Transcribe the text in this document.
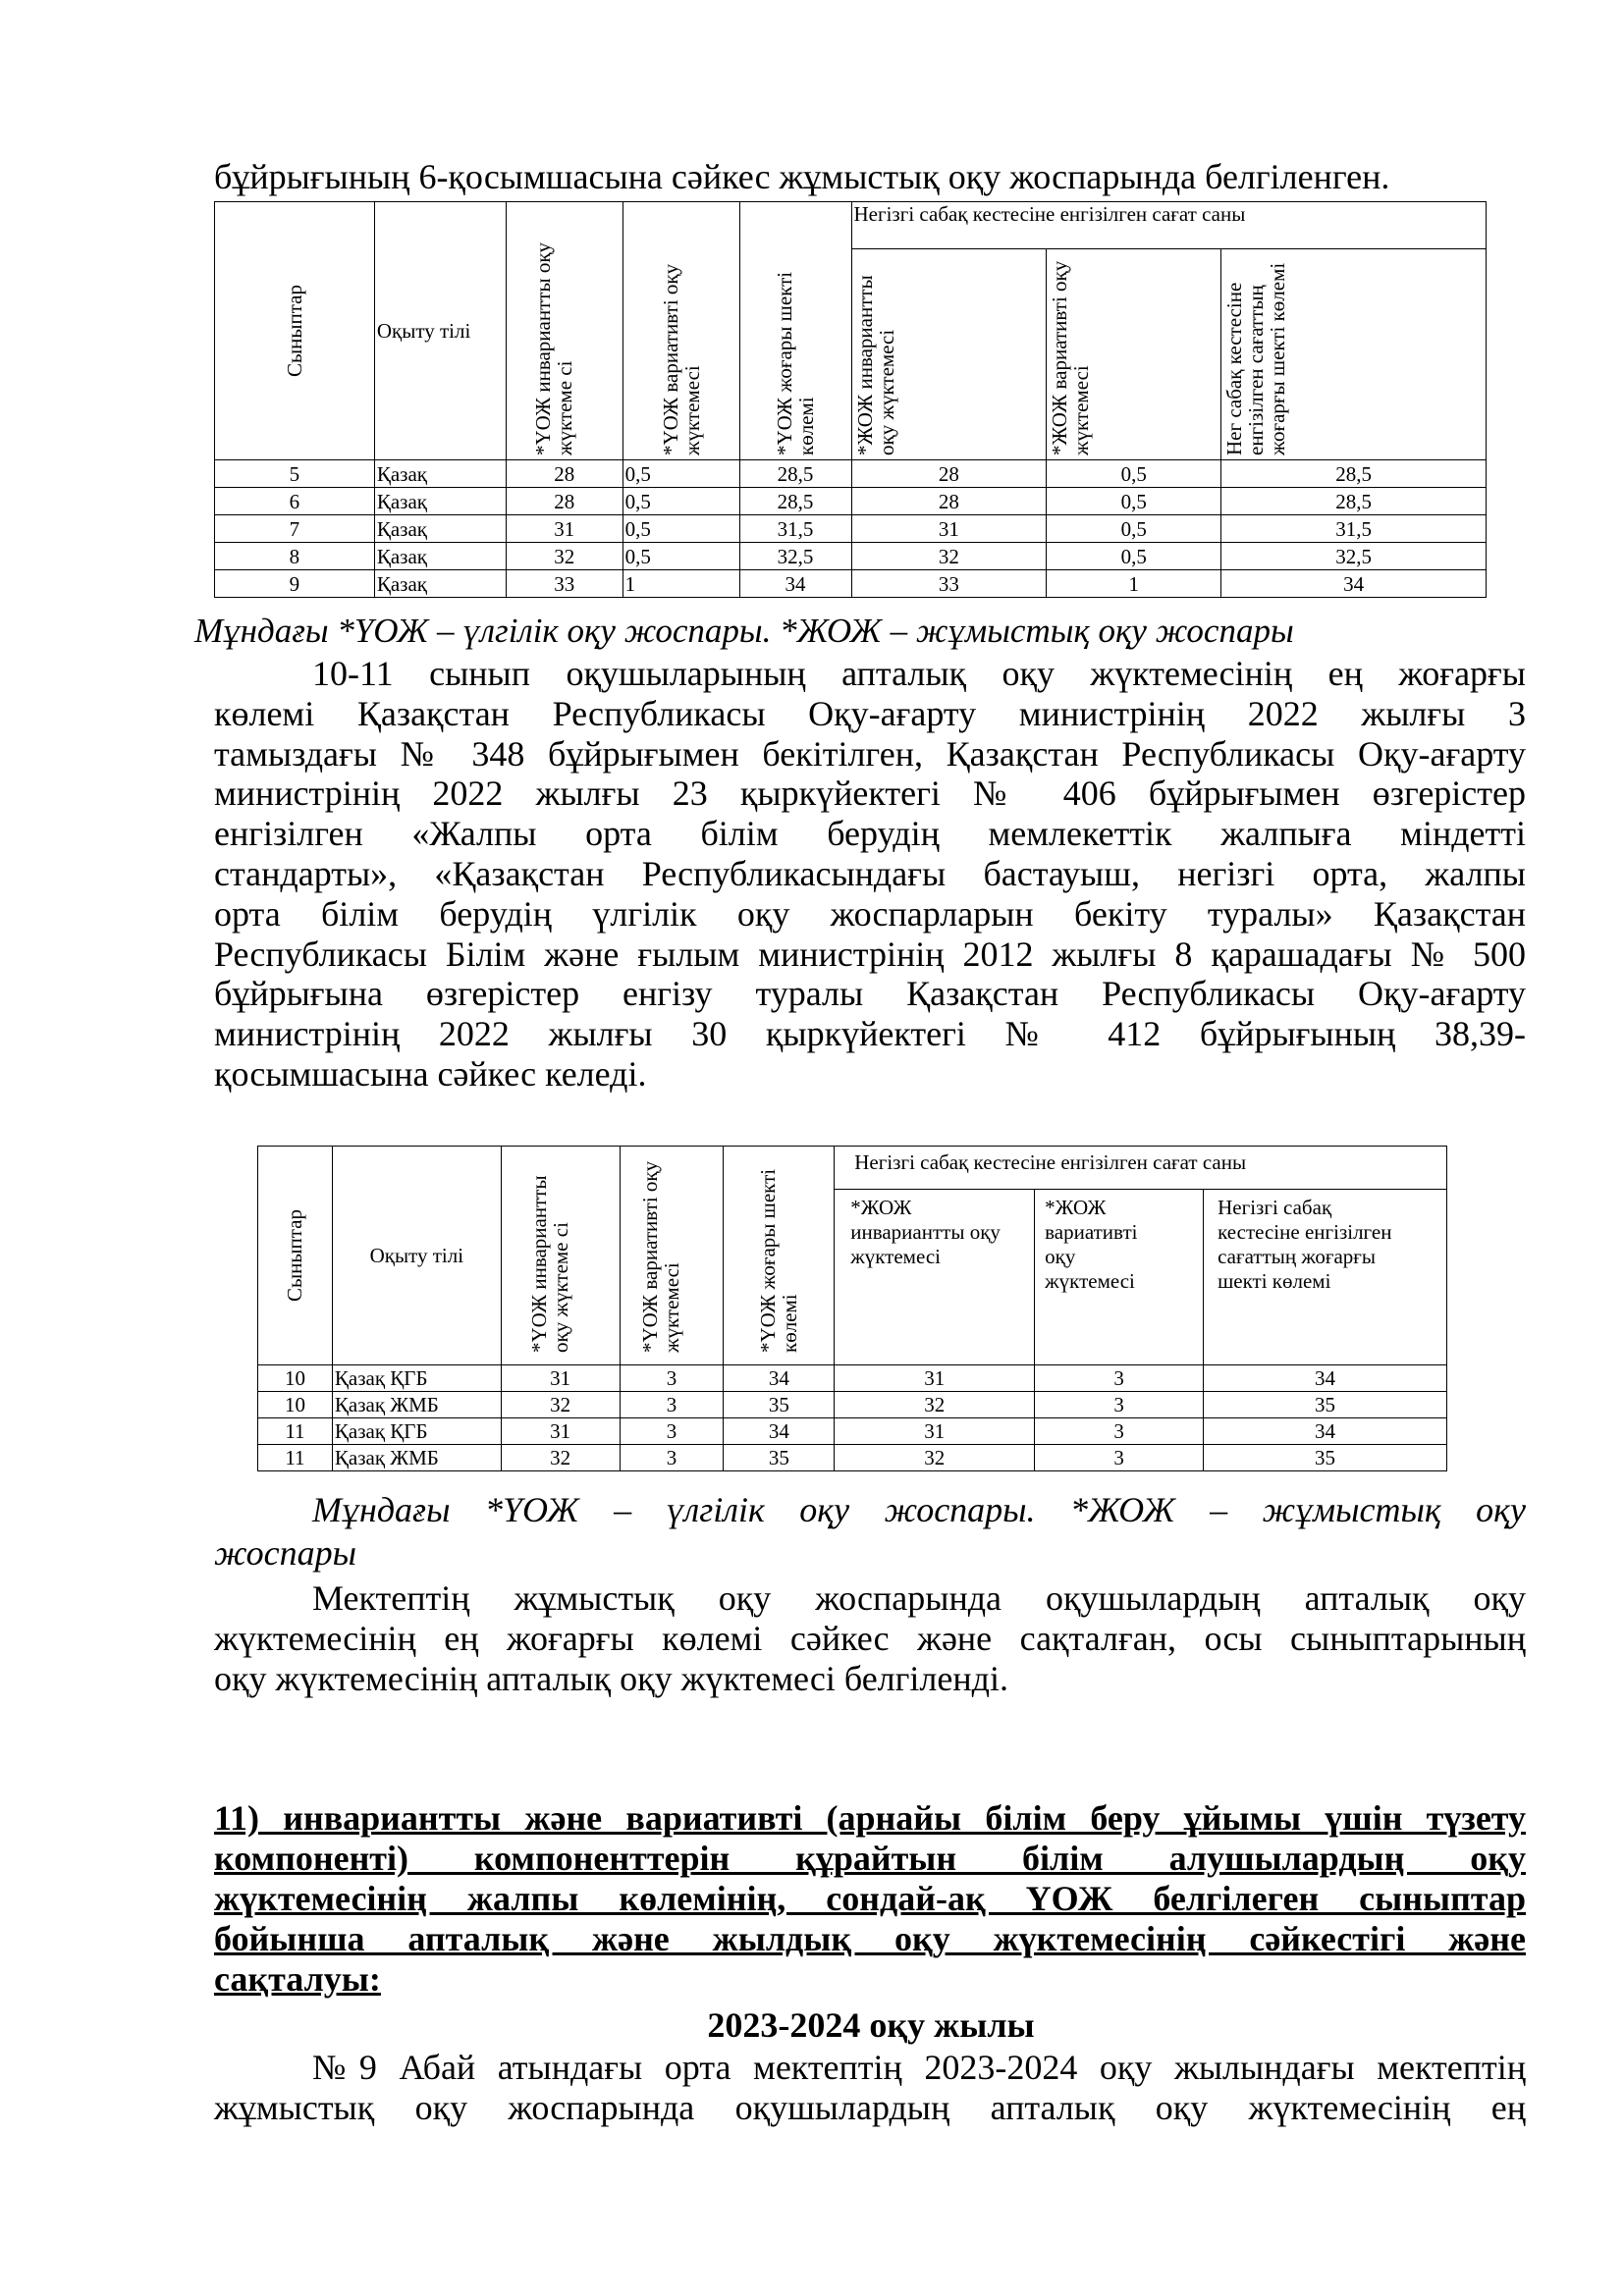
бұйрығының 6-қосымшасына сәйкес жұмыстық оқу жоспарында белгіленген.
Сыныптар	Оқыту тілі	*ҮОЖ инвариантты оқу жүктеме сі	*ҮОЖ вариативті оқу жүктемесі	*ҮОЖ жоғары шекті көлемі	Негізгі сабақ кестесіне енгізілген сағат саны		

					*ЖОЖ инвариантты оқу жүктемесі	*ЖОЖ вариативті оқу жүктемесі	Нег сабақ кестесіне енгізілген сағаттың жоғарғы шекті көлемі

5	Қазақ	28	0,5	28,5	28	0,5	28,5
6	Қазақ	28	0,5	28,5	28	0,5	28,5
7	Қазақ	31	0,5	31,5	31	0,5	31,5
8	Қазақ	32	0,5	32,5	32	0,5	32,5
9	Қазақ	33	1	34	33	1	34
Мұндағы *ҮОЖ – үлгілік оқу жоспары. *ЖОЖ – жұмыстық оқу жоспары
10-11 сынып оқушыларының апталық оқу жүктемесінің ең жоғарғы
көлемі Қазақстан Республикасы Оқу-ағарту министрінің 2022 жылғы 3
тамыздағы № 348 бұйрығымен бекітілген, Қазақстан Республикасы Оқу-ағарту
министрінің 2022 жылғы 23 қыркүйектегі № 406 бұйрығымен өзгерістер
енгізілген «Жалпы орта білім берудің мемлекеттік жалпыға міндетті
стандарты», «Қазақстан Республикасындағы бастауыш, негізгі орта, жалпы
орта білім берудің үлгілік оқу жоспарларын бекіту туралы» Қазақстан
Республикасы Білім және ғылым министрінің 2012 жылғы 8 қарашадағы № 500
бұйрығына өзгерістер енгізу туралы Қазақстан Республикасы Оқу-ағарту
министрінің 2022 жылғы 30 қыркүйектегі № 412 бұйрығының 38,39-
қосымшасына сәйкес келеді.
Сыныптар	Оқыту тілі	*ҮОЖ инвариантты оқу жүктеме сі	*ҮОЖ вариативті оқу жүктемесі	*ҮОЖ жоғары шекті көлемі	Негізгі сабақ кестесіне енгізілген сағат саны		
					*ЖОЖ инвариантты оқу жүктемесі	*ЖОЖ вариативті оқу жүктемесі	Негізгі сабақ кестесіне енгізілген сағаттың жоғарғы шекті көлемі
10	Қазақ ҚГБ	31	3	34	31	3	34
10	Қазақ ЖМБ	32	3	35	32	3	35
11	Қазақ ҚГБ	31	3	34	31	3	34
11	Қазақ ЖМБ	32	3	35	32	3	35
Мұндағы *ҮОЖ – үлгілік оқу жоспары. *ЖОЖ – жұмыстық оқу
жоспары
Мектептің жұмыстық оқу жоспарында оқушылардың апталық оқу
жүктемесінің ең жоғарғы көлемі сәйкес және сақталған, осы сыныптарының
оқу жүктемесінің апталық оқу жүктемесі белгіленді.
11) инвариантты және вариативті (арнайы білім беру ұйымы үшін түзету
компоненті) компоненттерін құрайтын білім алушылардың оқу
жүктемесінің жалпы көлемінің, сондай-ақ ҮОЖ белгілеген сыныптар
бойынша апталық және жылдық оқу жүктемесінің сәйкестігі және
сақталуы:
2023-2024 оқу жылы
№9 Абай атындағы орта мектептің 2023-2024 оқу жылындағы мектептің
жұмыстық оқу жоспарында оқушылардың апталық оқу жүктемесінің ең
